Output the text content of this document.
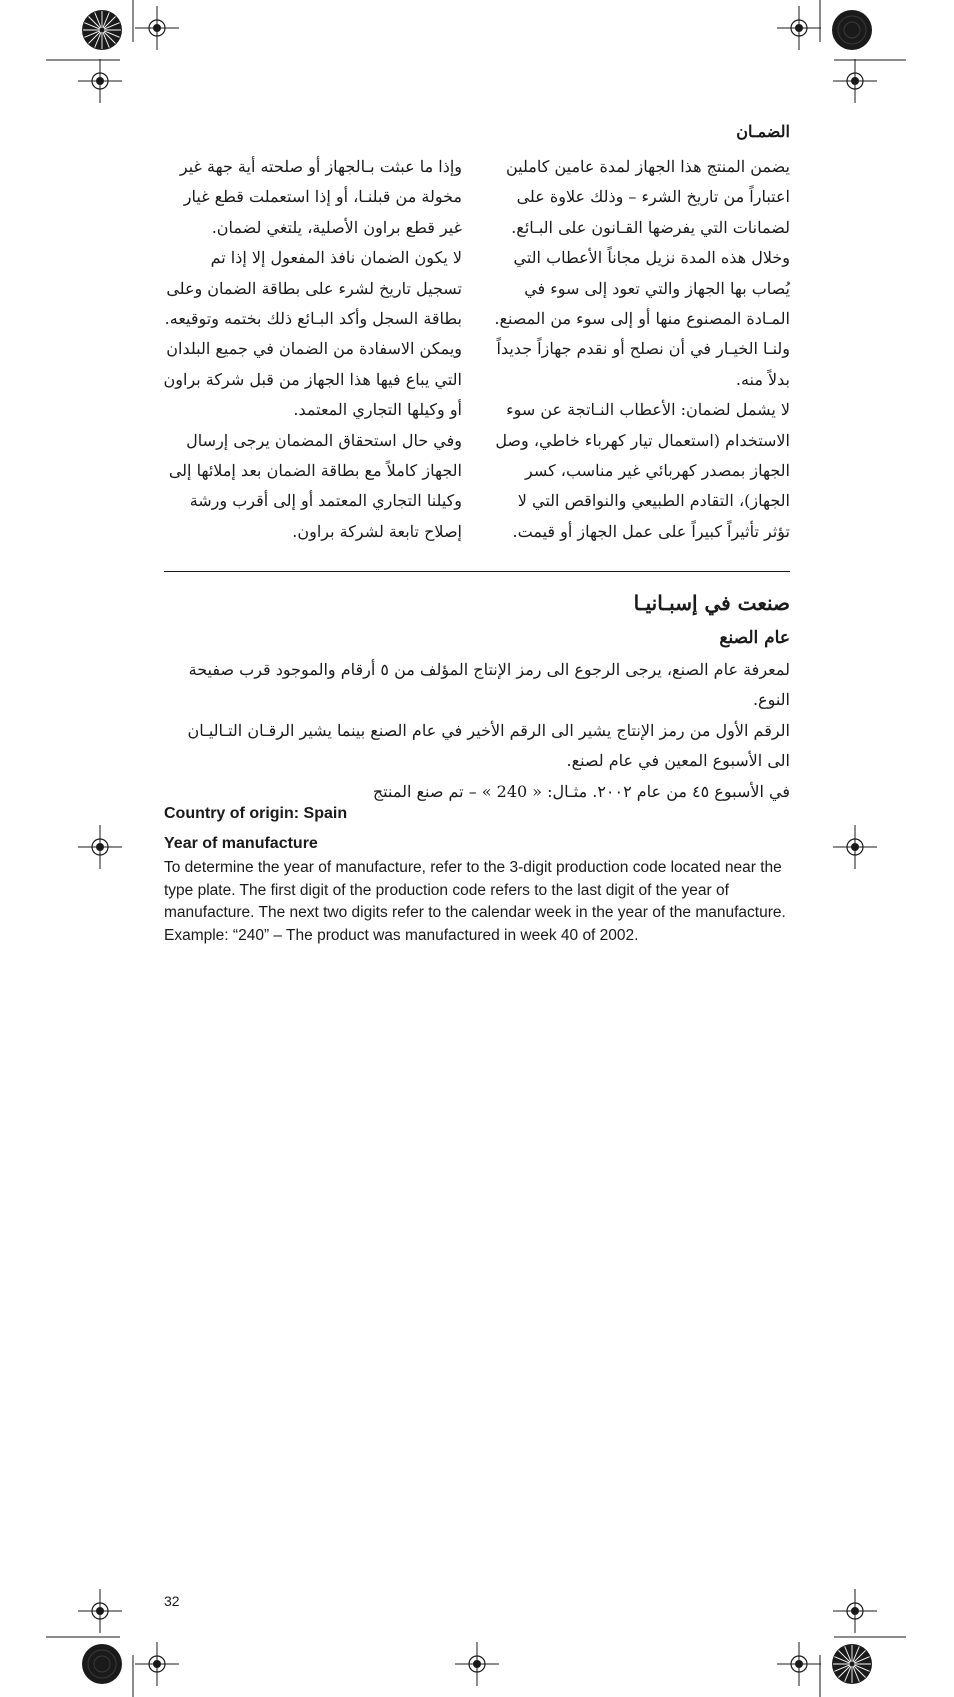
الضمـان

يضمن المنتج هذا الجهاز لمدة عامين كاملين اعتباراً من تاريخ الشرء – وذلك علاوة على لضمانات التي يفرضها القـانون على البـائع. وخلال هذه المدة نزيل مجاناً الأعطاب التي يُصاب بها الجهاز والتي تعود إلى سوء في المـادة المصنوع منها أو إلى سوء من المصنع. ولنـا الخيـار في أن نصلح أو نقدم جهازاً جديداً بدلاً منه.

لا يشمل لضمان: الأعطاب النـاتجة عن سوء الاستخدام (استعمال تيار كهرباء خاطي، وصل الجهاز بمصدر كهربائي غير مناسب، كسر الجهاز)، التقادم الطبيعي والنواقص التي لا تؤثر تأثيراً كبيراً على عمل الجهاز أو قيمت.

وإذا ما عبثت بـالجهاز أو صلحته أية جهة غير مخولة من قبلنـا، أو إذا استعملت قطع غيار غير قطع براون الأصلية، يلتغي لضمان.

لا يكون الضمان نافذ المفعول إلا إذا تم تسجيل تاريخ لشرء على بطاقة الضمان وعلى بطاقة السجل وأكد البـائع ذلك بختمه وتوقيعه. ويمكن الاسفادة من الضمان في جميع البلدان التي يباع فيها هذا الجهاز من قبل شركة براون أو وكيلها التجاري المعتمد.

وفي حال استحقاق المضمان يرجى إرسال الجهاز كاملاً مع بطاقة الضمان بعد إملائها إلى وكيلنا التجاري المعتمد أو إلى أقرب ورشة إصلاح تابعة لشركة براون.

صنعت في إسبـانيـا
عام الصنع

لمعرفة عام الصنع، يرجى الرجوع الى رمز الإنتاج المؤلف من ٥ أرقام والموجود قرب صفيحة النوع.

الرقم الأول من رمز الإنتاج يشير الى الرقم الأخير في عام الصنع بينما يشير الرقـان التـاليـان الى الأسبوع المعين في عام لصنع.

في الأسبوع ٤٥ من عام ٢٠٠٢. مثـال: « 240 » – تم صنع المنتج

Country of origin: Spain
Year of manufacture

To determine the year of manufacture, refer to the 3-digit production code located near the type plate. The first digit of the production code refers to the last digit of the year of manufacture. The next two digits refer to the calendar week in the year of the manufacture.

Example: “240” – The product was manufactured in week 40 of 2002.

32
